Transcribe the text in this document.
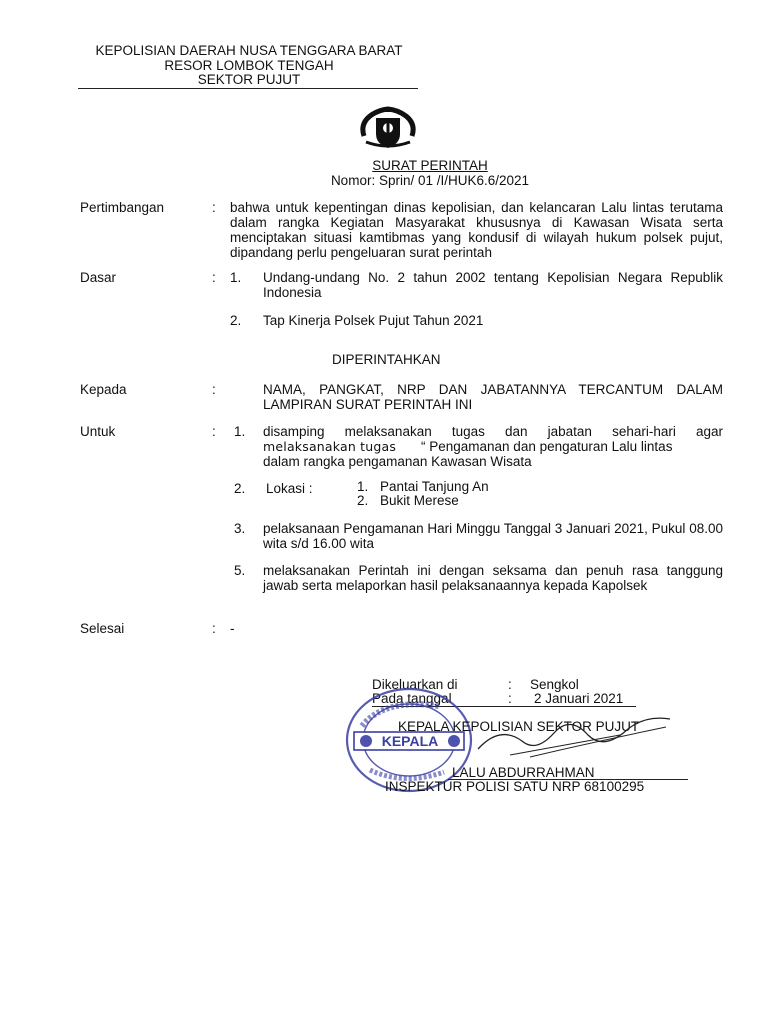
KEPOLISIAN DAERAH NUSA TENGGARA BARAT
RESOR LOMBOK TENGAH
SEKTOR PUJUT
SURAT PERINTAH
Nomor: Sprin/ 01 /I/HUK6.6/2021
Pertimbangan	: bahwa untuk kepentingan dinas kepolisian, dan kelancaran Lalu lintas terutama dalam rangka Kegiatan Masyarakat khususnya di Kawasan Wisata serta menciptakan situasi kamtibmas yang kondusif di wilayah hukum polsek pujut, dipandang perlu pengeluaran surat perintah
Dasar	: 1. Undang-undang No. 2 tahun 2002 tentang Kepolisian Negara Republik Indonesia
2. Tap Kinerja Polsek Pujut Tahun 2021
DIPERINTAHKAN
Kepada	:	NAMA, PANGKAT, NRP DAN JABATANNYA TERCANTUM DALAM LAMPIRAN SURAT PERINTAH INI
Untuk	: 1. disamping melaksanakan tugas dan jabatan sehari-hari agar
melaksanakan tugas “ Pengamanan dan pengaturan Lalu lintas
dalam rangka pengamanan Kawasan Wisata
2. Lokasi :	1. Pantai Tanjung An
2. Bukit Merese
3. pelaksanaan Pengamanan Hari Minggu Tanggal 3 Januari 2021, Pukul 08.00 wita s/d 16.00 wita
5. melaksanakan Perintah ini dengan seksama dan penuh rasa tanggung jawab serta melaporkan hasil pelaksanaannya kepada Kapolsek
Selesai	: -
Dikeluarkan di	: Sengkol
Pada tanggal	: 2 Januari 2021
KEPALA
KEPALA KEPOLISIAN SEKTOR PUJUT
LALU ABDURRAHMAN
INSPEKTUR POLISI SATU NRP 68100295
